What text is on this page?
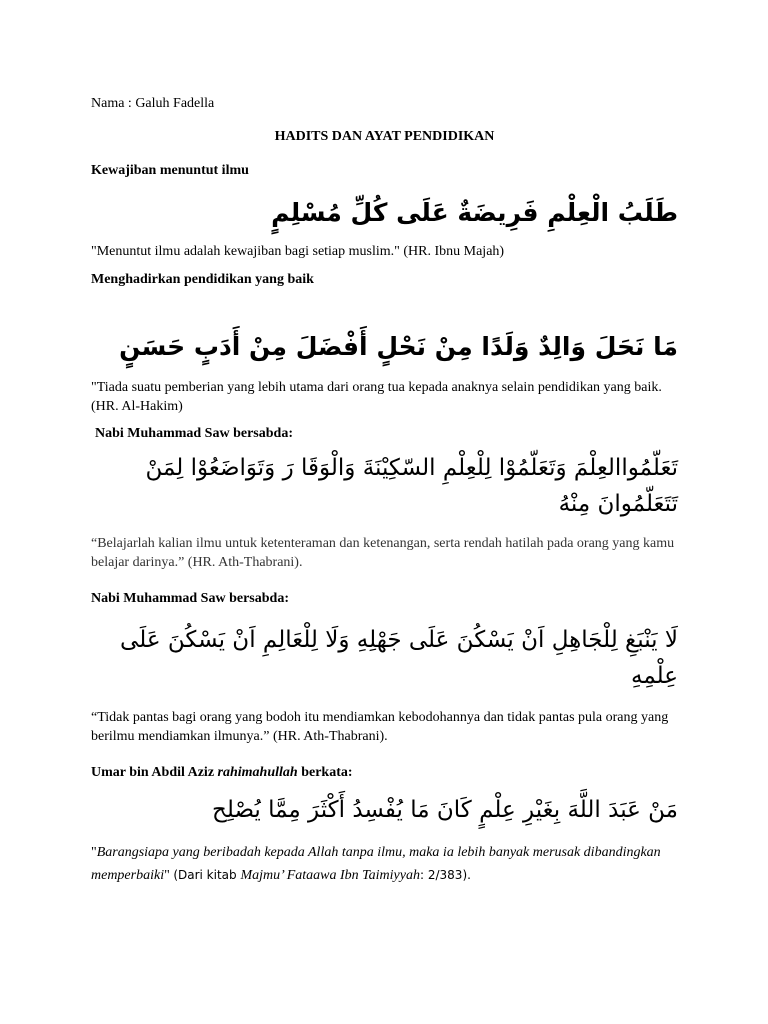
Nama : Galuh Fadella
HADITS DAN AYAT PENDIDIKAN
Kewajiban menuntut ilmu
طَلَبُ الْعِلْمِ فَرِيضَةٌ عَلَى كُلِّ مُسْلِمٍ
"Menuntut ilmu adalah kewajiban bagi setiap muslim." (HR. Ibnu Majah)
Menghadirkan pendidikan yang baik
مَا نَحَلَ وَالِدٌ وَلَدًا مِنْ نَحْلٍ أَفْضَلَ مِنْ أَدَبٍ حَسَنٍ
"Tiada suatu pemberian yang lebih utama dari orang tua kepada anaknya selain pendidikan yang baik. (HR. Al-Hakim)
Nabi Muhammad Saw bersabda:
تَعَلّمُواالعِلْمَ وَتَعَلّمُوْا لِلْعِلْمِ السّكِيْنَةَ وَالْوَقَا رَ وَتَوَاضَعُوْا لِمَنْ تَتَعَلّمُوانَ مِنْهُ
“Belajarlah kalian ilmu untuk ketenteraman dan ketenangan, serta rendah hatilah pada orang yang kamu belajar darinya.” (HR. Ath-Thabrani).
Nabi Muhammad Saw bersabda:
لَا يَنْبَغِ لِلْجَاهِلِ اَنْ يَسْكُنَ عَلَى جَهْلِهِ وَلَا لِلْعَالِمِ اَنْ يَسْكُنَ عَلَى عِلْمِهِ
“Tidak pantas bagi orang yang bodoh itu mendiamkan kebodohannya dan tidak pantas pula orang yang berilmu mendiamkan ilmunya.” (HR. Ath-Thabrani).
Umar bin Abdil Aziz rahimahullah berkata:
مَنْ عَبَدَ اللَّهَ بِغَيْرِ عِلْمٍ كَانَ مَا يُفْسِدُ أَكْثَرَ مِمَّا يُصْلِح
"Barangsiapa yang beribadah kepada Allah tanpa ilmu, maka ia lebih banyak merusak dibandingkan memperbaiki" (Dari kitab Majmu’ Fataawa Ibn Taimiyyah: 2/383).
